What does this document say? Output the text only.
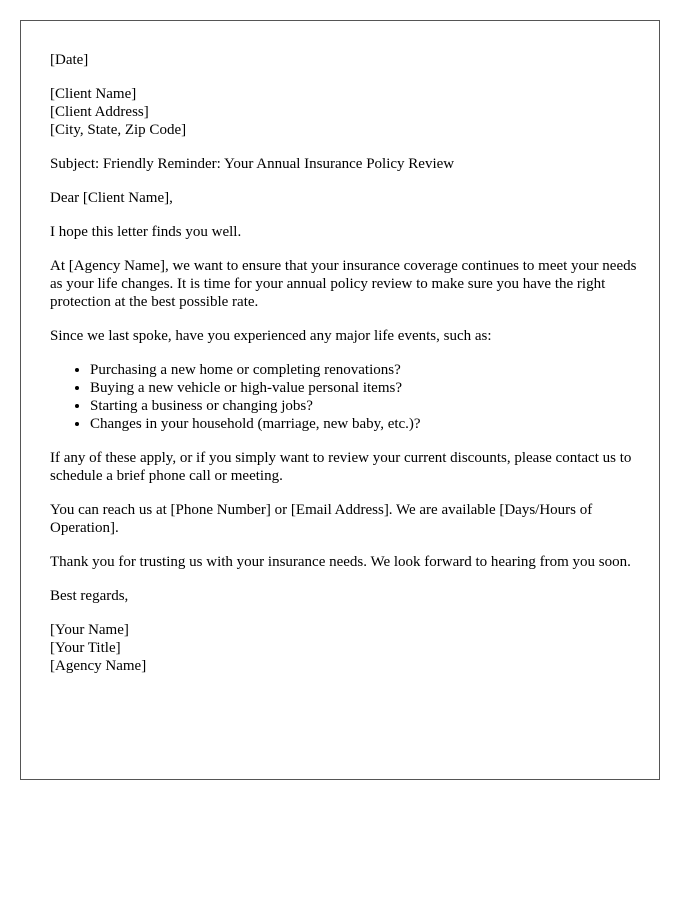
[Date]

[Client Name]
[Client Address]
[City, State, Zip Code]

Subject: Friendly Reminder: Your Annual Insurance Policy Review

Dear [Client Name],

I hope this letter finds you well.

At [Agency Name], we want to ensure that your insurance coverage continues to meet your needs as your life changes. It is time for your annual policy review to make sure you have the right protection at the best possible rate.

Since we last spoke, have you experienced any major life events, such as:

• Purchasing a new home or completing renovations?
• Buying a new vehicle or high-value personal items?
• Starting a business or changing jobs?
• Changes in your household (marriage, new baby, etc.)?

If any of these apply, or if you simply want to review your current discounts, please contact us to schedule a brief phone call or meeting.

You can reach us at [Phone Number] or [Email Address]. We are available [Days/Hours of Operation].

Thank you for trusting us with your insurance needs. We look forward to hearing from you soon.

Best regards,

[Your Name]
[Your Title]
[Agency Name]
